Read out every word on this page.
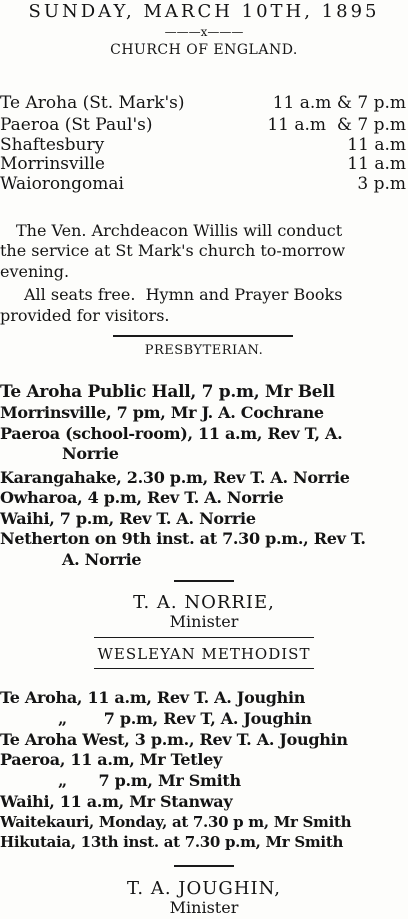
SUNDAY, MARCH 10TH, 1895
———x———
CHURCH OF ENGLAND.
Te Aroha (St. Mark's)	11 a.m & 7 p.m
Paeroa (St Paul's)	11 a.m  & 7 p.m
Shaftesbury	11 a.m
Morrinsville	11 a.m
Waiorongomai	3 p.m
The Ven. Archdeacon Willis will conduct
the service at St Mark's church to-morrow
evening.
All seats free.  Hymn and Prayer Books
provided for visitors.
PRESBYTERIAN.
Te Aroha Public Hall, 7 p.m, Mr Bell
Morrinsville, 7 pm, Mr J. A. Cochrane
Paeroa (school-room), 11 a.m, Rev T, A.
Norrie
Karangahake, 2.30 p.m, Rev T. A. Norrie
Owharoa, 4 p.m, Rev T. A. Norrie
Waihi, 7 p.m, Rev T. A. Norrie
Netherton on 9th inst. at 7.30 p.m., Rev T.
A. Norrie
T. A. NORRIE,
Minister
WESLEYAN METHODIST
Te Aroha, 11 a.m, Rev T. A. Joughin
„       7 p.m, Rev T, A. Joughin
Te Aroha West, 3 p.m., Rev T. A. Joughin
Paeroa, 11 a.m, Mr Tetley
„      7 p.m, Mr Smith
Waihi, 11 a.m, Mr Stanway
Waitekauri, Monday, at 7.30 p m, Mr Smith
Hikutaia, 13th inst. at 7.30 p.m, Mr Smith
T. A. JOUGHIN,
Minister
